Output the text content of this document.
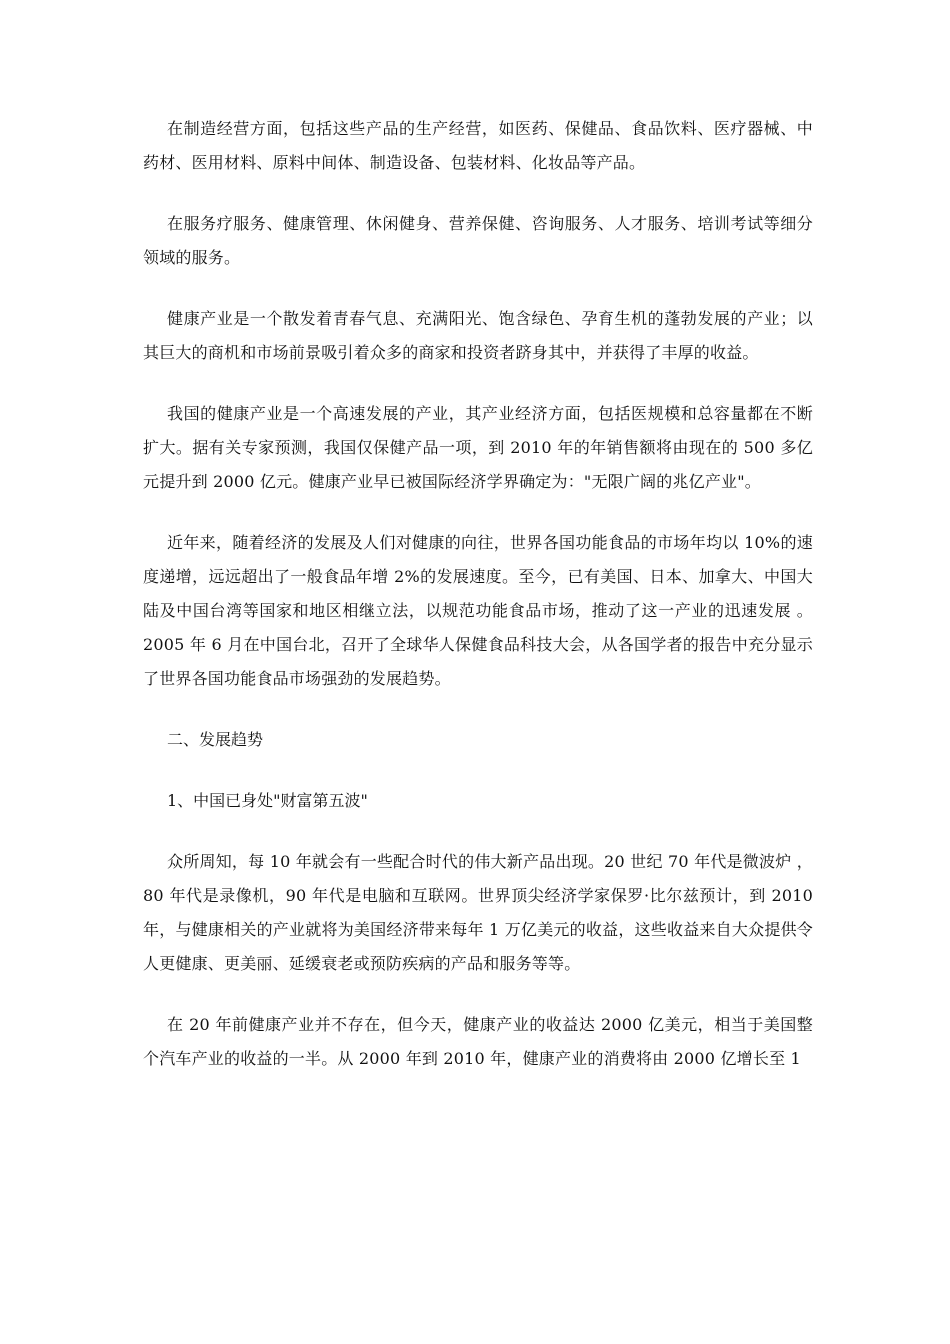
在制造经营方面，包括这些产品的生产经营，如医药、保健品、食品饮料、医疗器械、中药材、医用材料、原料中间体、制造设备、包装材料、化妆品等产品。

在服务疗服务、健康管理、休闲健身、营养保健、咨询服务、人才服务、培训考试等细分领域的服务。

健康产业是一个散发着青春气息、充满阳光、饱含绿色、孕育生机的蓬勃发展的产业；以其巨大的商机和市场前景吸引着众多的商家和投资者跻身其中，并获得了丰厚的收益。

我国的健康产业是一个高速发展的产业，其产业经济方面，包括医规模和总容量都在不断扩大。据有关专家预测，我国仅保健产品一项，到 2010 年的年销售额将由现在的 500 多亿元提升到 2000 亿元。健康产业早已被国际经济学界确定为："无限广阔的兆亿产业"。

近年来，随着经济的发展及人们对健康的向往，世界各国功能食品的市场年均以 10%的速度递增，远远超出了一般食品年增 2%的发展速度。至今，已有美国、日本、加拿大、中国大陆及中国台湾等国家和地区相继立法，以规范功能食品市场，推动了这一产业的迅速发展 。2005 年 6 月在中国台北，召开了全球华人保健食品科技大会，从各国学者的报告中充分显示了世界各国功能食品市场强劲的发展趋势。

二、发展趋势

1、中国已身处"财富第五波"

众所周知，每 10 年就会有一些配合时代的伟大新产品出现。20 世纪 70 年代是微波炉 ，80 年代是录像机，90 年代是电脑和互联网。世界顶尖经济学家保罗·比尔兹预计，到 2010 年，与健康相关的产业就将为美国经济带来每年 1 万亿美元的收益，这些收益来自大众提供令人更健康、更美丽、延缓衰老或预防疾病的产品和服务等等。

在 20 年前健康产业并不存在，但今天，健康产业的收益达 2000 亿美元，相当于美国整个汽车产业的收益的一半。从 2000 年到 2010 年，健康产业的消费将由 2000 亿增长至 1
